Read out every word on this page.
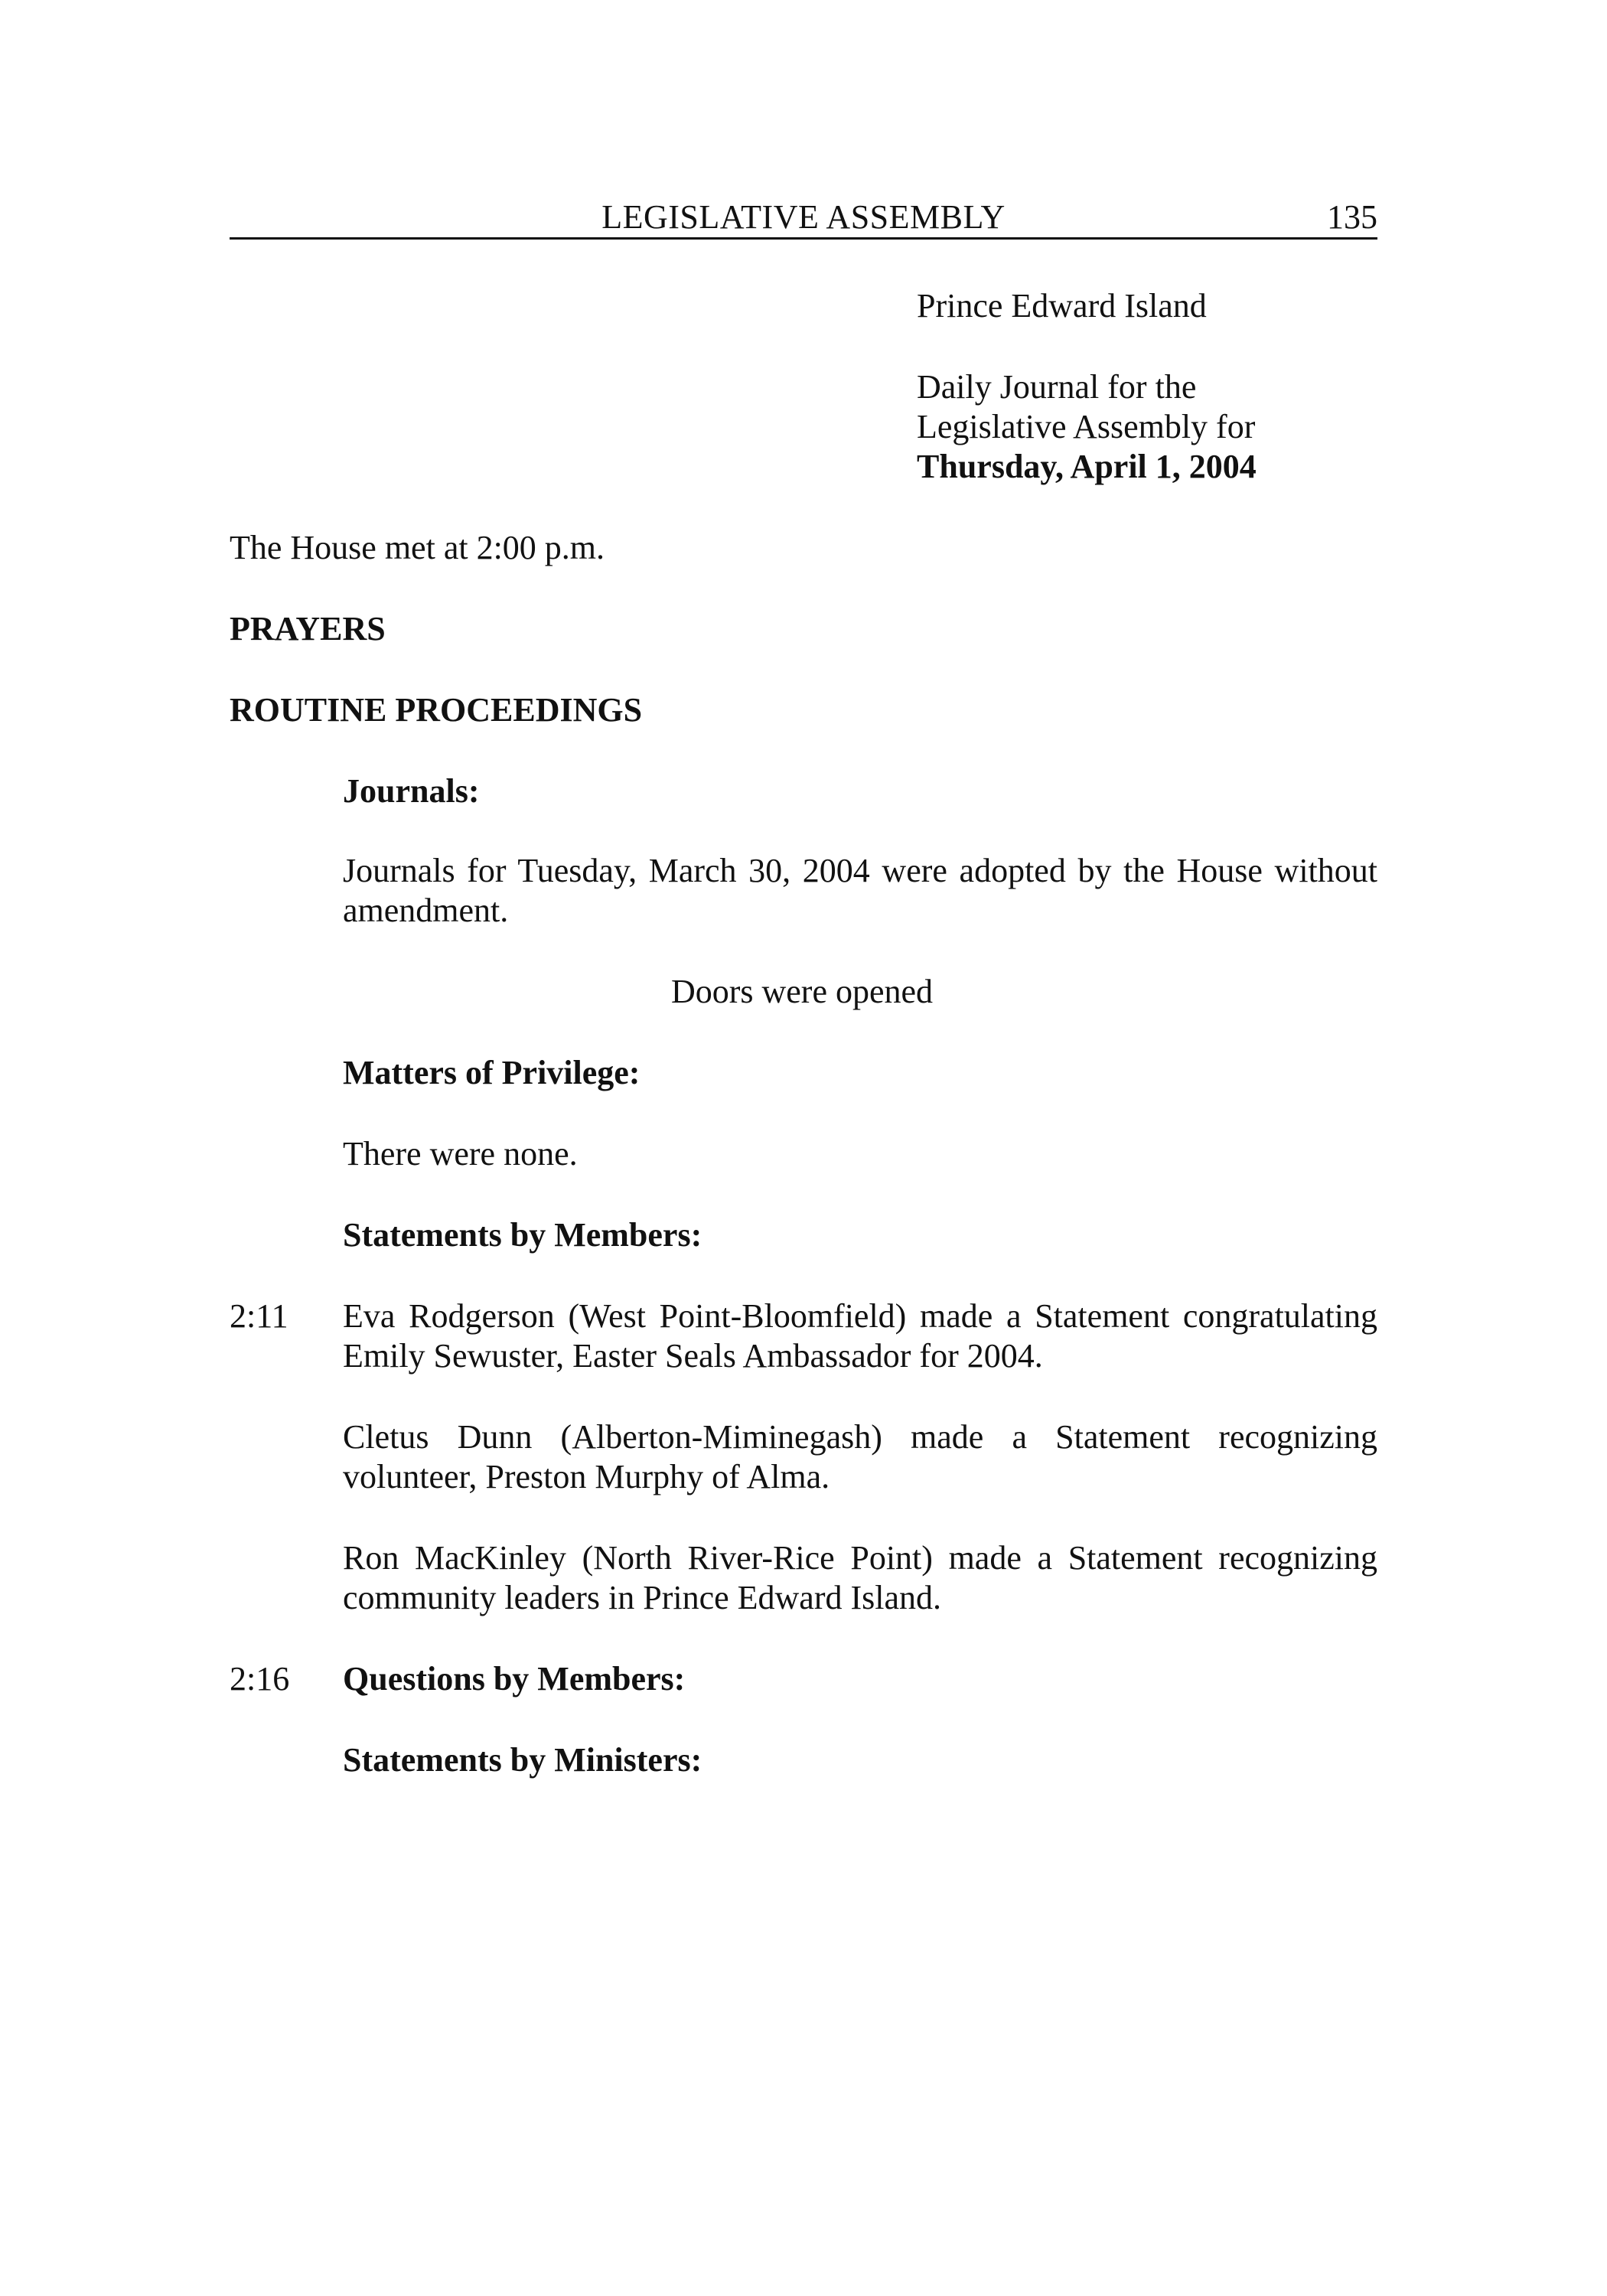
LEGISLATIVE ASSEMBLY	135
Prince Edward Island
Daily Journal for the
Legislative Assembly for
Thursday, April 1, 2004
The House met at 2:00 p.m.
PRAYERS
ROUTINE PROCEEDINGS
Journals:
Journals for Tuesday, March 30, 2004 were adopted by the House without amendment.
Doors were opened
Matters of Privilege:
There were none.
Statements by Members:
2:11 Eva Rodgerson (West Point-Bloomfield) made a Statement congratulating Emily Sewuster, Easter Seals Ambassador for 2004.
Cletus Dunn (Alberton-Miminegash) made a Statement recognizing volunteer, Preston Murphy of Alma.
Ron MacKinley (North River-Rice Point) made a Statement recognizing community leaders in Prince Edward Island.
2:16 Questions by Members:
Statements by Ministers:
